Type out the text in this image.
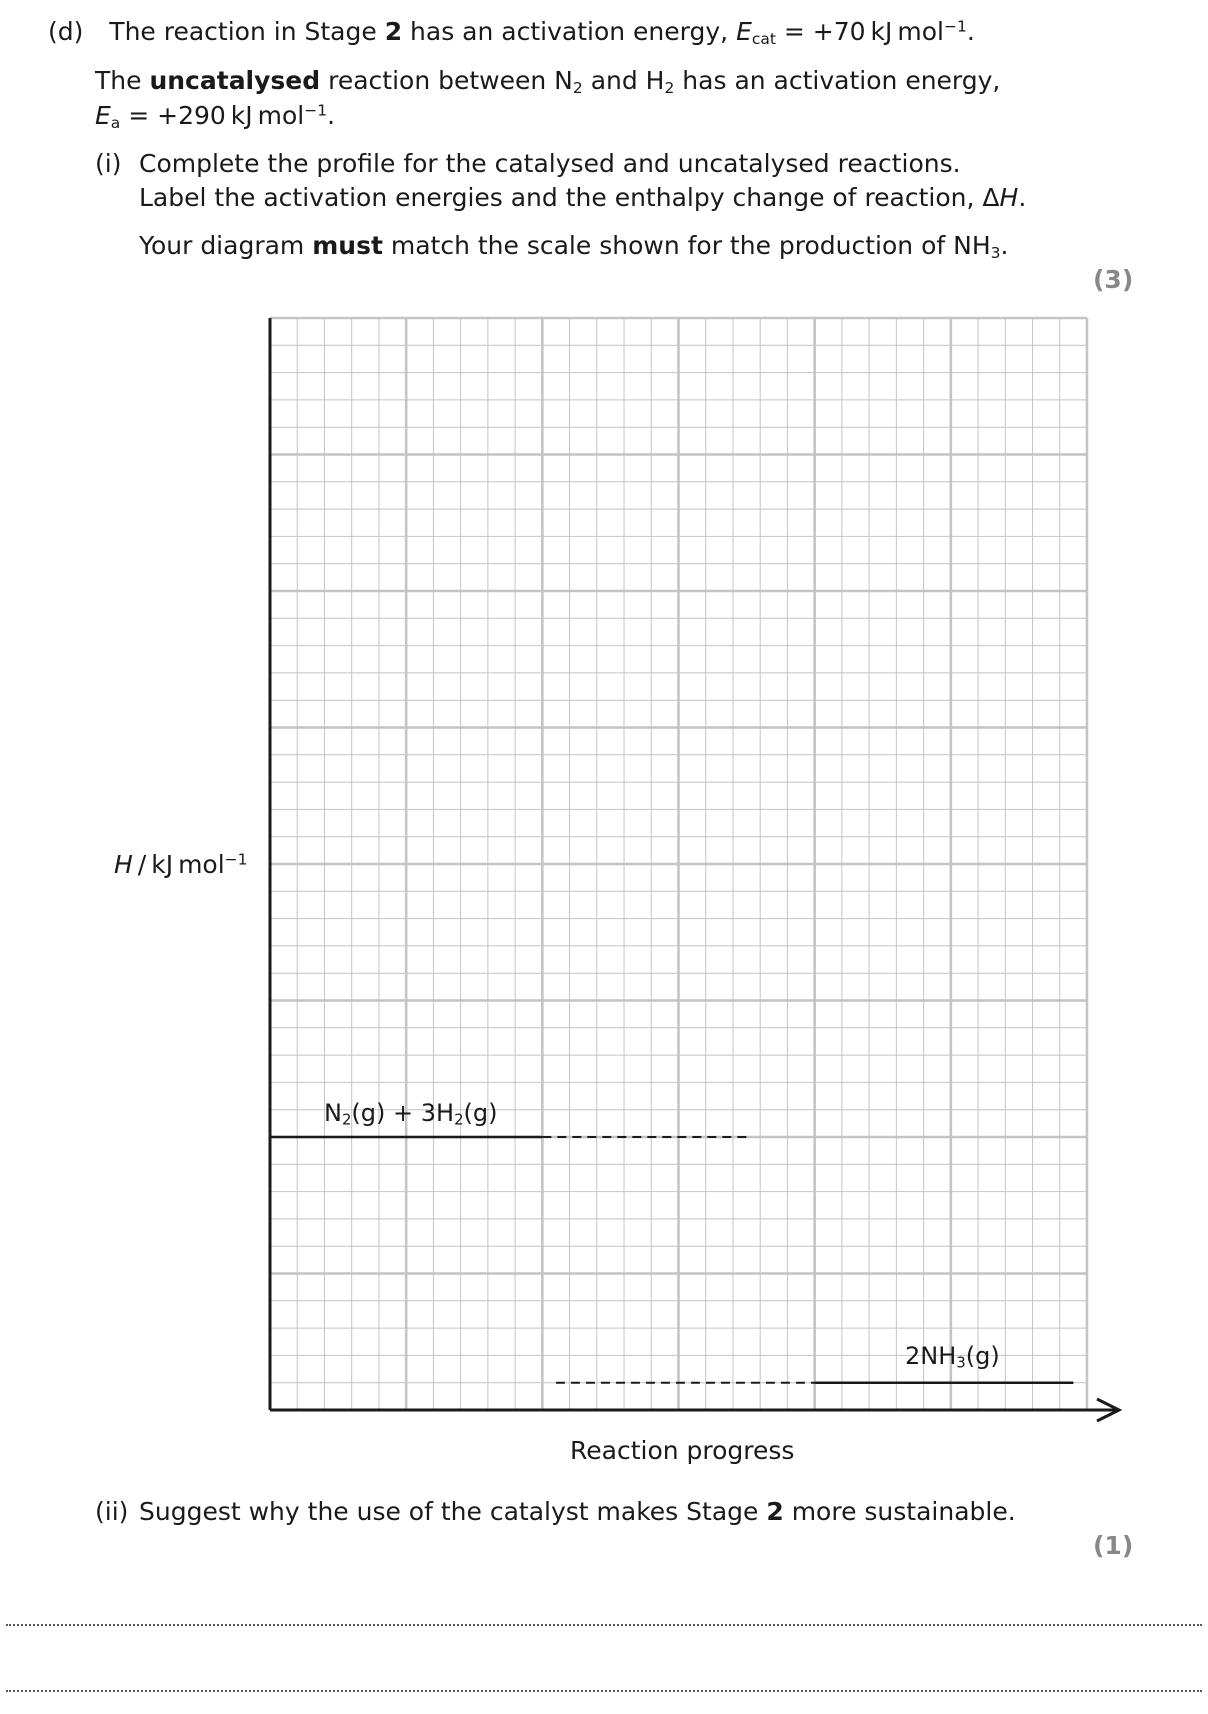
(d) The reaction in Stage 2 has an activation energy, $E_{cat} = +70$ kJ mol$^{-1}$.
The uncatalysed reaction between $N_2$ and $H_2$ has an activation energy,
$E_a = +290$ kJ mol$^{-1}$.
(i) Complete the profile for the catalysed and uncatalysed reactions.
Label the activation energies and the enthalpy change of reaction, ΔH.
Your diagram must match the scale shown for the production of $NH_3$.
(3)
H / kJ mol$^{-1}$
$N_2(g) + 3H_2(g)$
$2NH_3(g)$
Reaction progress
(ii) Suggest why the use of the catalyst makes Stage 2 more sustainable.
(1)
